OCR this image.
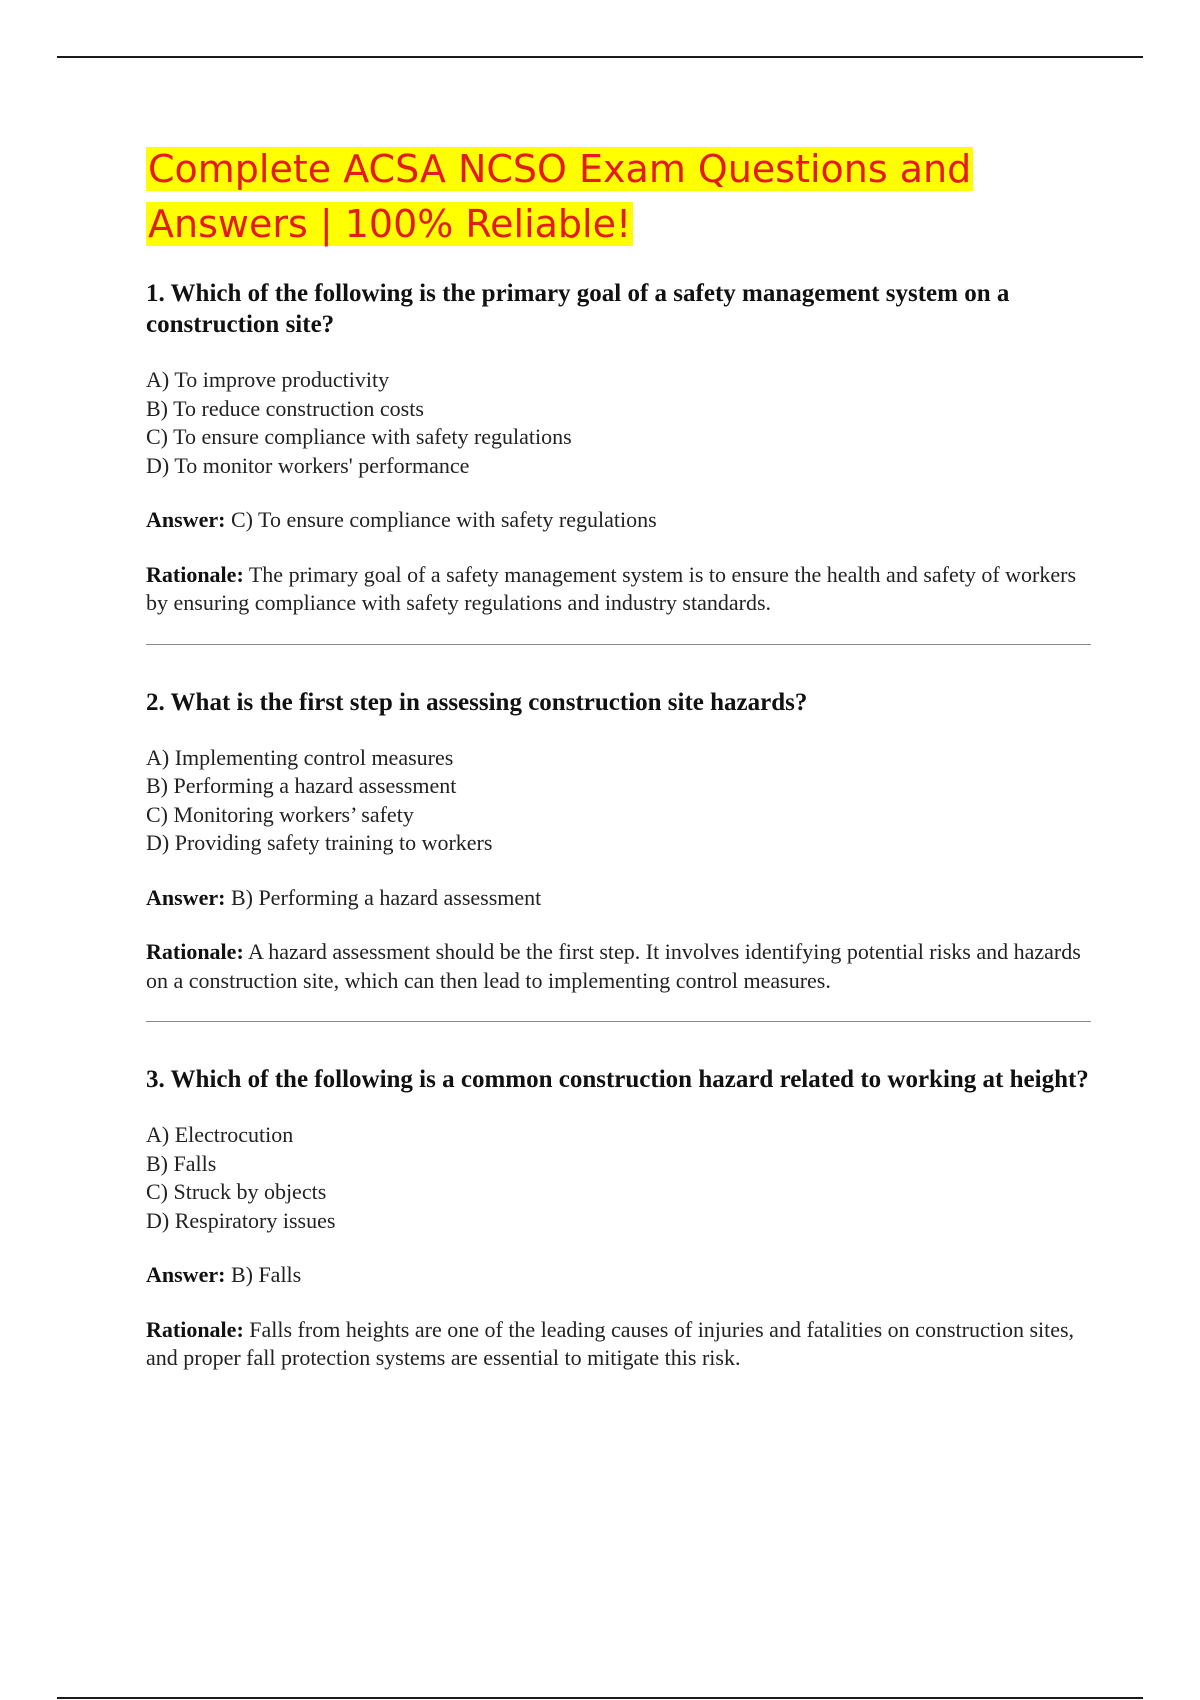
Complete ACSA NCSO Exam Questions and Answers | 100% Reliable!

1. Which of the following is the primary goal of a safety management system on a construction site?

A) To improve productivity
B) To reduce construction costs
C) To ensure compliance with safety regulations
D) To monitor workers' performance

Answer: C) To ensure compliance with safety regulations

Rationale: The primary goal of a safety management system is to ensure the health and safety of workers by ensuring compliance with safety regulations and industry standards.

2. What is the first step in assessing construction site hazards?

A) Implementing control measures
B) Performing a hazard assessment
C) Monitoring workers’ safety
D) Providing safety training to workers

Answer: B) Performing a hazard assessment

Rationale: A hazard assessment should be the first step. It involves identifying potential risks and hazards on a construction site, which can then lead to implementing control measures.

3. Which of the following is a common construction hazard related to working at height?

A) Electrocution
B) Falls
C) Struck by objects
D) Respiratory issues

Answer: B) Falls

Rationale: Falls from heights are one of the leading causes of injuries and fatalities on construction sites, and proper fall protection systems are essential to mitigate this risk.
